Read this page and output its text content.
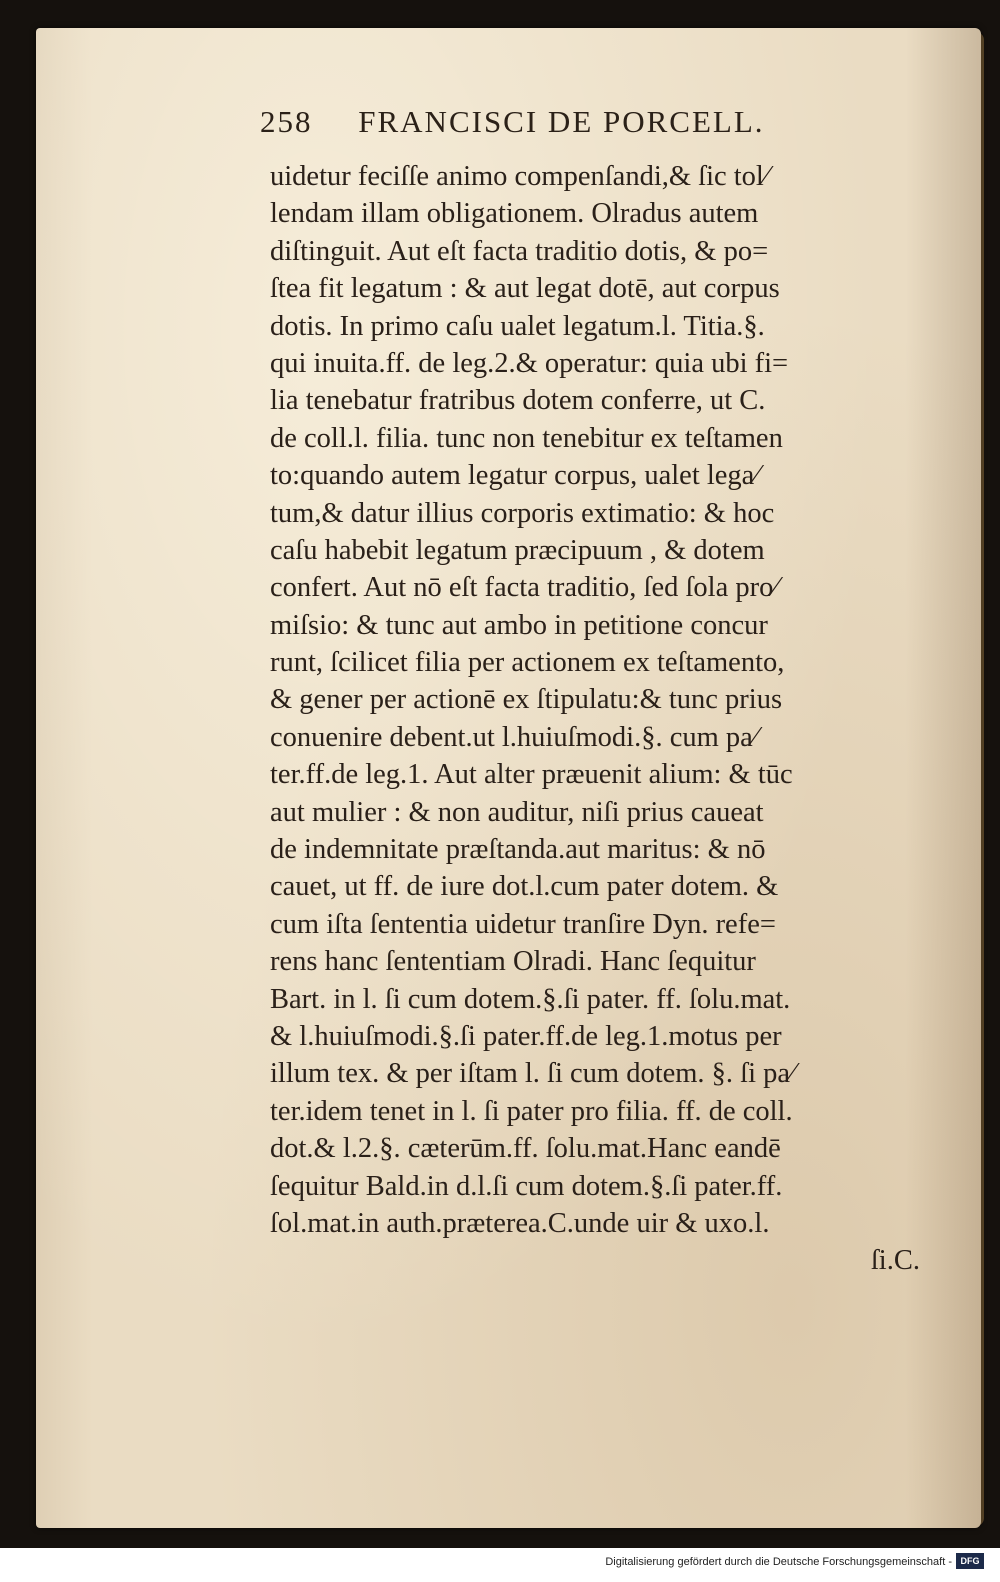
258 FRANCISCI DE PORCELL.
uidetur feciſſe animo compenſandi,& ſic tol⁄
lendam illam obligationem. Olradus autem
diſtinguit. Aut eſt facta traditio dotis, & po=
ſtea fit legatum : & aut legat dotē, aut corpus
dotis. In primo caſu ualet legatum.l. Titia.§.
qui inuita.ff. de leg.2.& operatur: quia ubi fi=
lia tenebatur fratribus dotem conferre, ut C.
de coll.l. filia. tunc non tenebitur ex teſtamen
to:quando autem legatur corpus, ualet lega⁄
tum,& datur illius corporis extimatio: & hoc
caſu habebit legatum præcipuum , & dotem
confert. Aut nō eſt facta traditio, ſed ſola pro⁄
miſsio: & tunc aut ambo in petitione concur
runt, ſcilicet filia per actionem ex teſtamento,
& gener per actionē ex ſtipulatu:& tunc prius
conuenire debent.ut l.huiuſmodi.§. cum pa⁄
ter.ff.de leg.1. Aut alter præuenit alium: & tūc
aut mulier : & non auditur, niſi prius caueat
de indemnitate præſtanda.aut maritus: & nō
cauet, ut ff. de iure dot.l.cum pater dotem. &
cum iſta ſententia uidetur tranſire Dyn. refe=
rens hanc ſententiam Olradi. Hanc ſequitur
Bart. in l. ſi cum dotem.§.ſi pater. ff. ſolu.mat.
& l.huiuſmodi.§.ſi pater.ff.de leg.1.motus per
illum tex. & per iſtam l. ſi cum dotem. §. ſi pa⁄
ter.idem tenet in l. ſi pater pro filia. ff. de coll.
dot.& l.2.§. cæterūm.ff. ſolu.mat.Hanc eandē
ſequitur Bald.in d.l.ſi cum dotem.§.ſi pater.ff.
ſol.mat.in auth.præterea.C.unde uir & uxo.l.
ſi.C.
Digitalisierung gefördert durch die Deutsche Forschungsgemeinschaft - DFG
